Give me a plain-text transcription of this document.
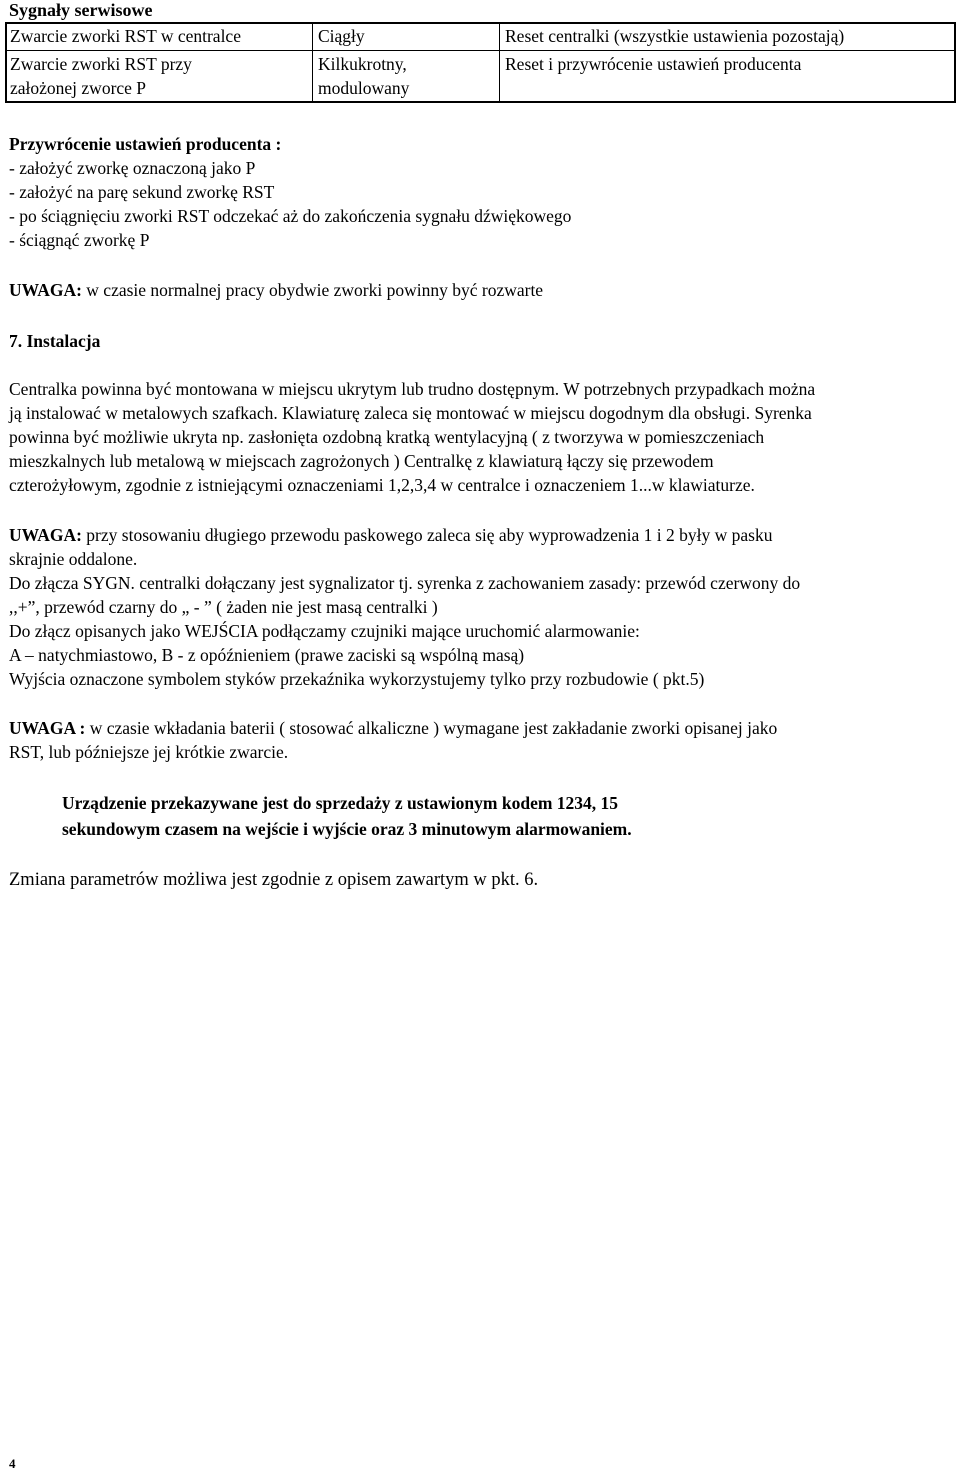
Sygnały serwisowe
Zwarcie zworki RST w centralce	Ciągły	Reset centralki (wszystkie ustawienia pozostają)
Zwarcie zworki RST przy
założonej zworce P
Kilkukrotny,
modulowany
Reset i przywrócenie ustawień producenta
Przywrócenie ustawień producenta :
- założyć zworkę oznaczoną jako P
- założyć na parę sekund zworkę RST
- po ściągnięciu zworki RST odczekać aż do zakończenia sygnału dźwiękowego
- ściągnąć zworkę P
UWAGA: w czasie normalnej pracy obydwie zworki powinny być rozwarte
7. Instalacja
Centralka powinna być montowana w miejscu ukrytym lub trudno dostępnym. W potrzebnych przypadkach można
ją instalować w metalowych szafkach. Klawiaturę zaleca się montować w miejscu dogodnym dla obsługi. Syrenka
powinna być możliwie ukryta np. zasłonięta ozdobną kratką wentylacyjną ( z tworzywa w pomieszczeniach
mieszkalnych lub metalową w miejscach zagrożonych ) Centralkę z klawiaturą łączy się przewodem
czterożyłowym, zgodnie z istniejącymi oznaczeniami 1,2,3,4 w centralce i oznaczeniem 1...w klawiaturze.
UWAGA: przy stosowaniu długiego przewodu paskowego zaleca się aby wyprowadzenia 1 i 2 były w pasku
skrajnie oddalone.
Do złącza SYGN. centralki dołączany jest sygnalizator tj. syrenka z zachowaniem zasady: przewód czerwony do
,,+”, przewód czarny do „ - ” ( żaden nie jest masą centralki )
Do złącz opisanych jako WEJŚCIA podłączamy czujniki mające uruchomić alarmowanie:
A – natychmiastowo, B - z opóźnieniem (prawe zaciski są wspólną masą)
Wyjścia oznaczone symbolem styków przekaźnika wykorzystujemy tylko przy rozbudowie ( pkt.5)
UWAGA : w czasie wkładania baterii ( stosować alkaliczne ) wymagane jest zakładanie zworki opisanej jako
RST, lub późniejsze jej krótkie zwarcie.
Urządzenie przekazywane jest do sprzedaży z ustawionym kodem 1234, 15
sekundowym czasem na wejście i wyjście oraz 3 minutowym alarmowaniem.
Zmiana parametrów możliwa jest zgodnie z opisem zawartym w pkt. 6.
4
